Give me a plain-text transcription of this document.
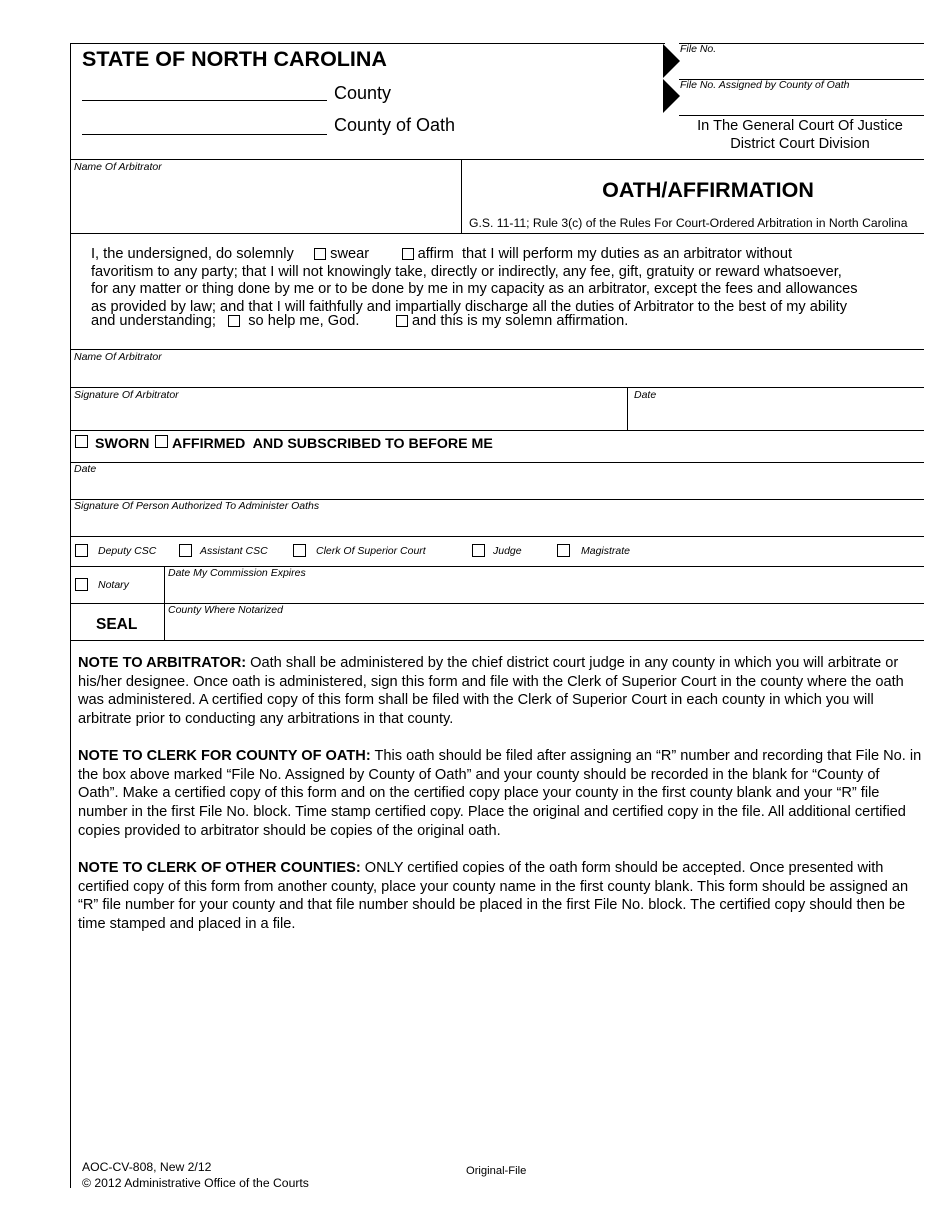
STATE OF NORTH CAROLINA
County
County of Oath
File No.
File No. Assigned by County of Oath
In The General Court Of Justice
District Court Division
Name Of Arbitrator
OATH/AFFIRMATION
G.S. 11-11; Rule 3(c) of the Rules For Court-Ordered Arbitration in North Carolina
I, the undersigned, do solemnly swear	affirm that I will perform my duties as an arbitrator without
favoritism to any party; that I will not knowingly take, directly or indirectly, any fee, gift, gratuity or reward whatsoever,
for any matter or thing done by me or to be done by me in my capacity as an arbitrator, except the fees and allowances
as provided by law; and that I will faithfully and impartially discharge all the duties of Arbitrator to the best of my ability
and understanding; so help me, God.	and this is my solemn affirmation.
Name Of Arbitrator
Signature Of Arbitrator	Date
SWORN AFFIRMED  AND SUBSCRIBED TO BEFORE ME
Date
Signature Of Person Authorized To Administer Oaths
Deputy CSC	Assistant CSC	Clerk Of Superior Court	Judge	Magistrate
Notary
Date My Commission Expires
SEAL
County Where Notarized
NOTE TO ARBITRATOR: Oath shall be administered by the chief district court judge in any county in which you will arbitrate or his/her designee. Once oath is administered, sign this form and file with the Clerk of Superior Court in the county where the oath was administered. A certified copy of this form shall be filed with the Clerk of Superior Court in each county in which you will arbitrate prior to conducting any arbitrations in that county.
NOTE TO CLERK FOR COUNTY OF OATH: This oath should be filed after assigning an “R” number and recording that File No. in the box above marked “File No. Assigned by County of Oath” and your county should be recorded in the blank for “County of Oath”. Make a certified copy of this form and on the certified copy place your county in the first county blank and your “R” file number in the first File No. block. Time stamp certified copy. Place the original and certified copy in the file. All additional certified copies provided to arbitrator should be copies of the original oath.
NOTE TO CLERK OF OTHER COUNTIES: ONLY certified copies of the oath form should be accepted. Once presented with certified copy of this form from another county, place your county name in the first county blank. This form should be assigned an “R” file number for your county and that file number should be placed in the first File No. block. The certified copy should then be time stamped and placed in a file.
AOC-CV-808, New 2/12
© 2012 Administrative Office of the Courts
Original-File
